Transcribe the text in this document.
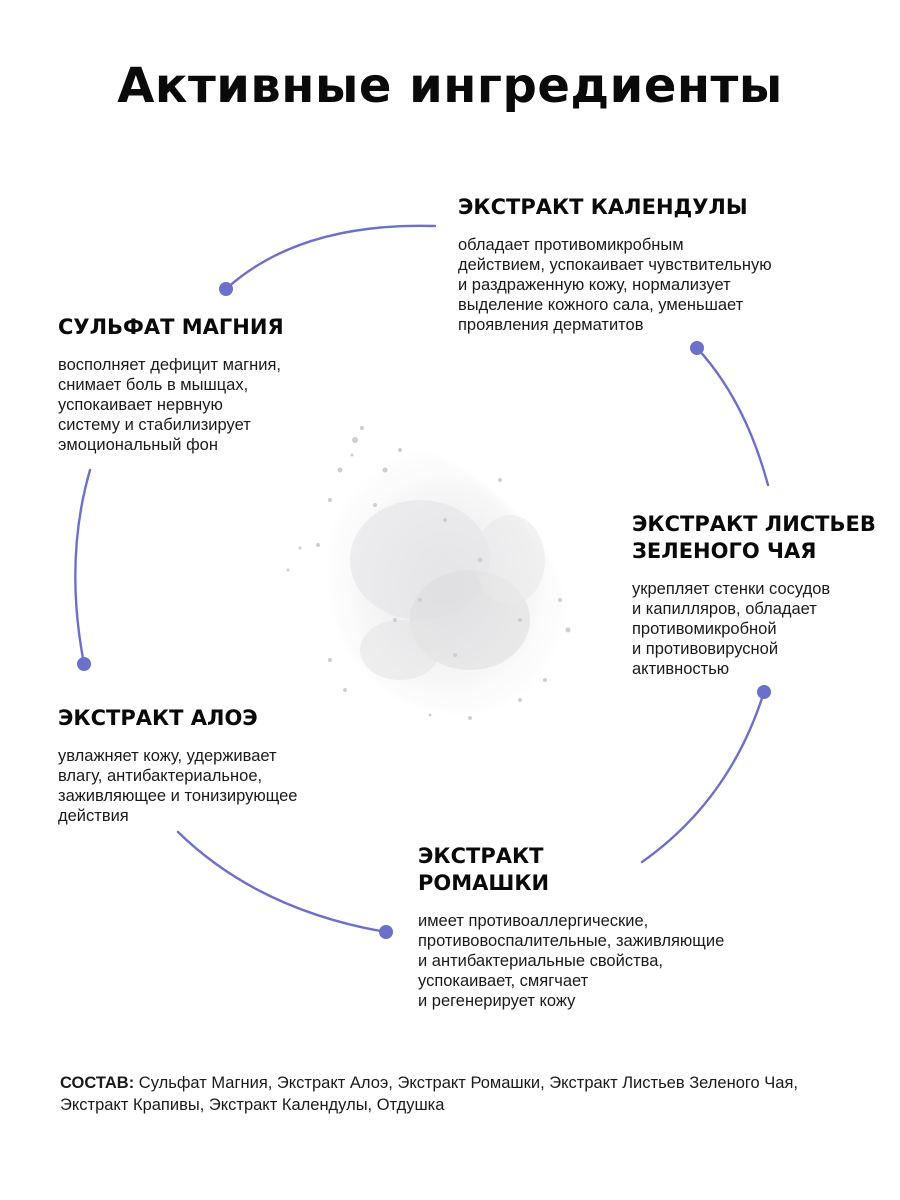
Активные ингредиенты
ЭКСТРАКТ КАЛЕНДУЛЫ
обладает противомикробным
действием, успокаивает чувствительную
и раздраженную кожу, нормализует
выделение кожного сала, уменьшает
проявления дерматитов
СУЛЬФАТ МАГНИЯ
восполняет дефицит магния,
снимает боль в мышцах,
успокаивает нервную
систему и стабилизирует
эмоциональный фон
ЭКСТРАКТ ЛИСТЬЕВ
ЗЕЛЕНОГО ЧАЯ
укрепляет стенки сосудов
и капилляров, обладает
противомикробной
и противовирусной
активностью
ЭКСТРАКТ АЛОЭ
увлажняет кожу, удерживает
влагу, антибактериальное,
заживляющее и тонизирующее
действия
ЭКСТРАКТ
РОМАШКИ
имеет противоаллергические,
противовоспалительные, заживляющие
и антибактериальные свойства,
успокаивает, смягчает
и регенерирует кожу
СОСТАВ: Сульфат Магния, Экстракт Алоэ, Экстракт Ромашки, Экстракт Листьев Зеленого Чая, Экстракт Крапивы, Экстракт Календулы, Отдушка
